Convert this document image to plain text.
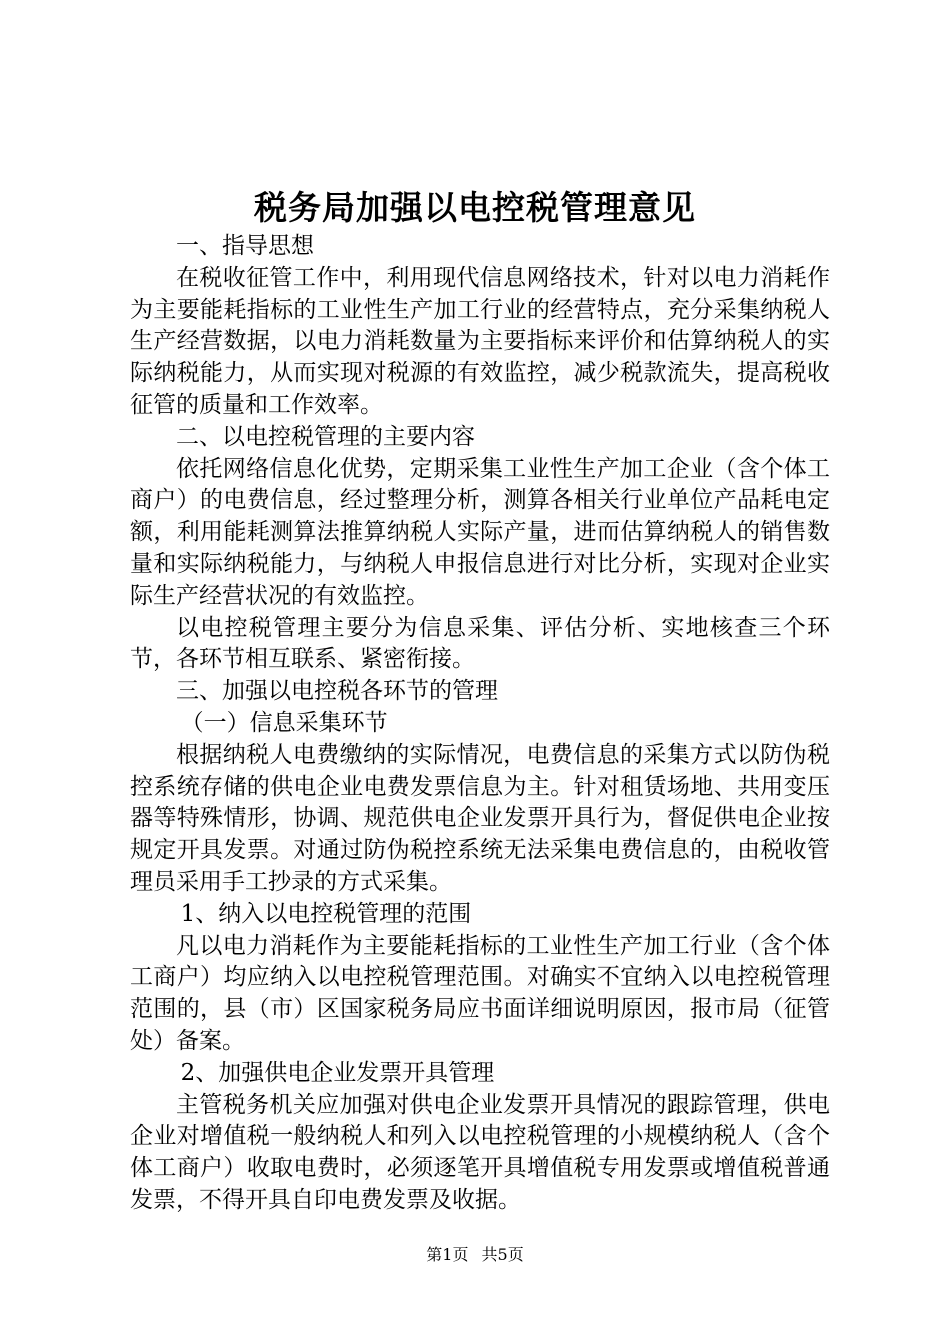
税务局加强以电控税管理意见

一、指导思想

在税收征管工作中，利用现代信息网络技术，针对以电力消耗作为主要能耗指标的工业性生产加工行业的经营特点，充分采集纳税人生产经营数据，以电力消耗数量为主要指标来评价和估算纳税人的实际纳税能力，从而实现对税源的有效监控，减少税款流失，提高税收征管的质量和工作效率。

二、以电控税管理的主要内容

依托网络信息化优势，定期采集工业性生产加工企业（含个体工商户）的电费信息，经过整理分析，测算各相关行业单位产品耗电定额，利用能耗测算法推算纳税人实际产量，进而估算纳税人的销售数量和实际纳税能力，与纳税人申报信息进行对比分析，实现对企业实际生产经营状况的有效监控。

以电控税管理主要分为信息采集、评估分析、实地核查三个环节，各环节相互联系、紧密衔接。

三、加强以电控税各环节的管理

（一）信息采集环节

根据纳税人电费缴纳的实际情况，电费信息的采集方式以防伪税控系统存储的供电企业电费发票信息为主。针对租赁场地、共用变压器等特殊情形，协调、规范供电企业发票开具行为，督促供电企业按规定开具发票。对通过防伪税控系统无法采集电费信息的，由税收管理员采用手工抄录的方式采集。

1、纳入以电控税管理的范围

凡以电力消耗作为主要能耗指标的工业性生产加工行业（含个体工商户）均应纳入以电控税管理范围。对确实不宜纳入以电控税管理范围的，县（市）区国家税务局应书面详细说明原因，报市局（征管处）备案。

2、加强供电企业发票开具管理

主管税务机关应加强对供电企业发票开具情况的跟踪管理，供电企业对增值税一般纳税人和列入以电控税管理的小规模纳税人（含个体工商户）收取电费时，必须逐笔开具增值税专用发票或增值税普通发票，不得开具自印电费发票及收据。

第1页 共5页
